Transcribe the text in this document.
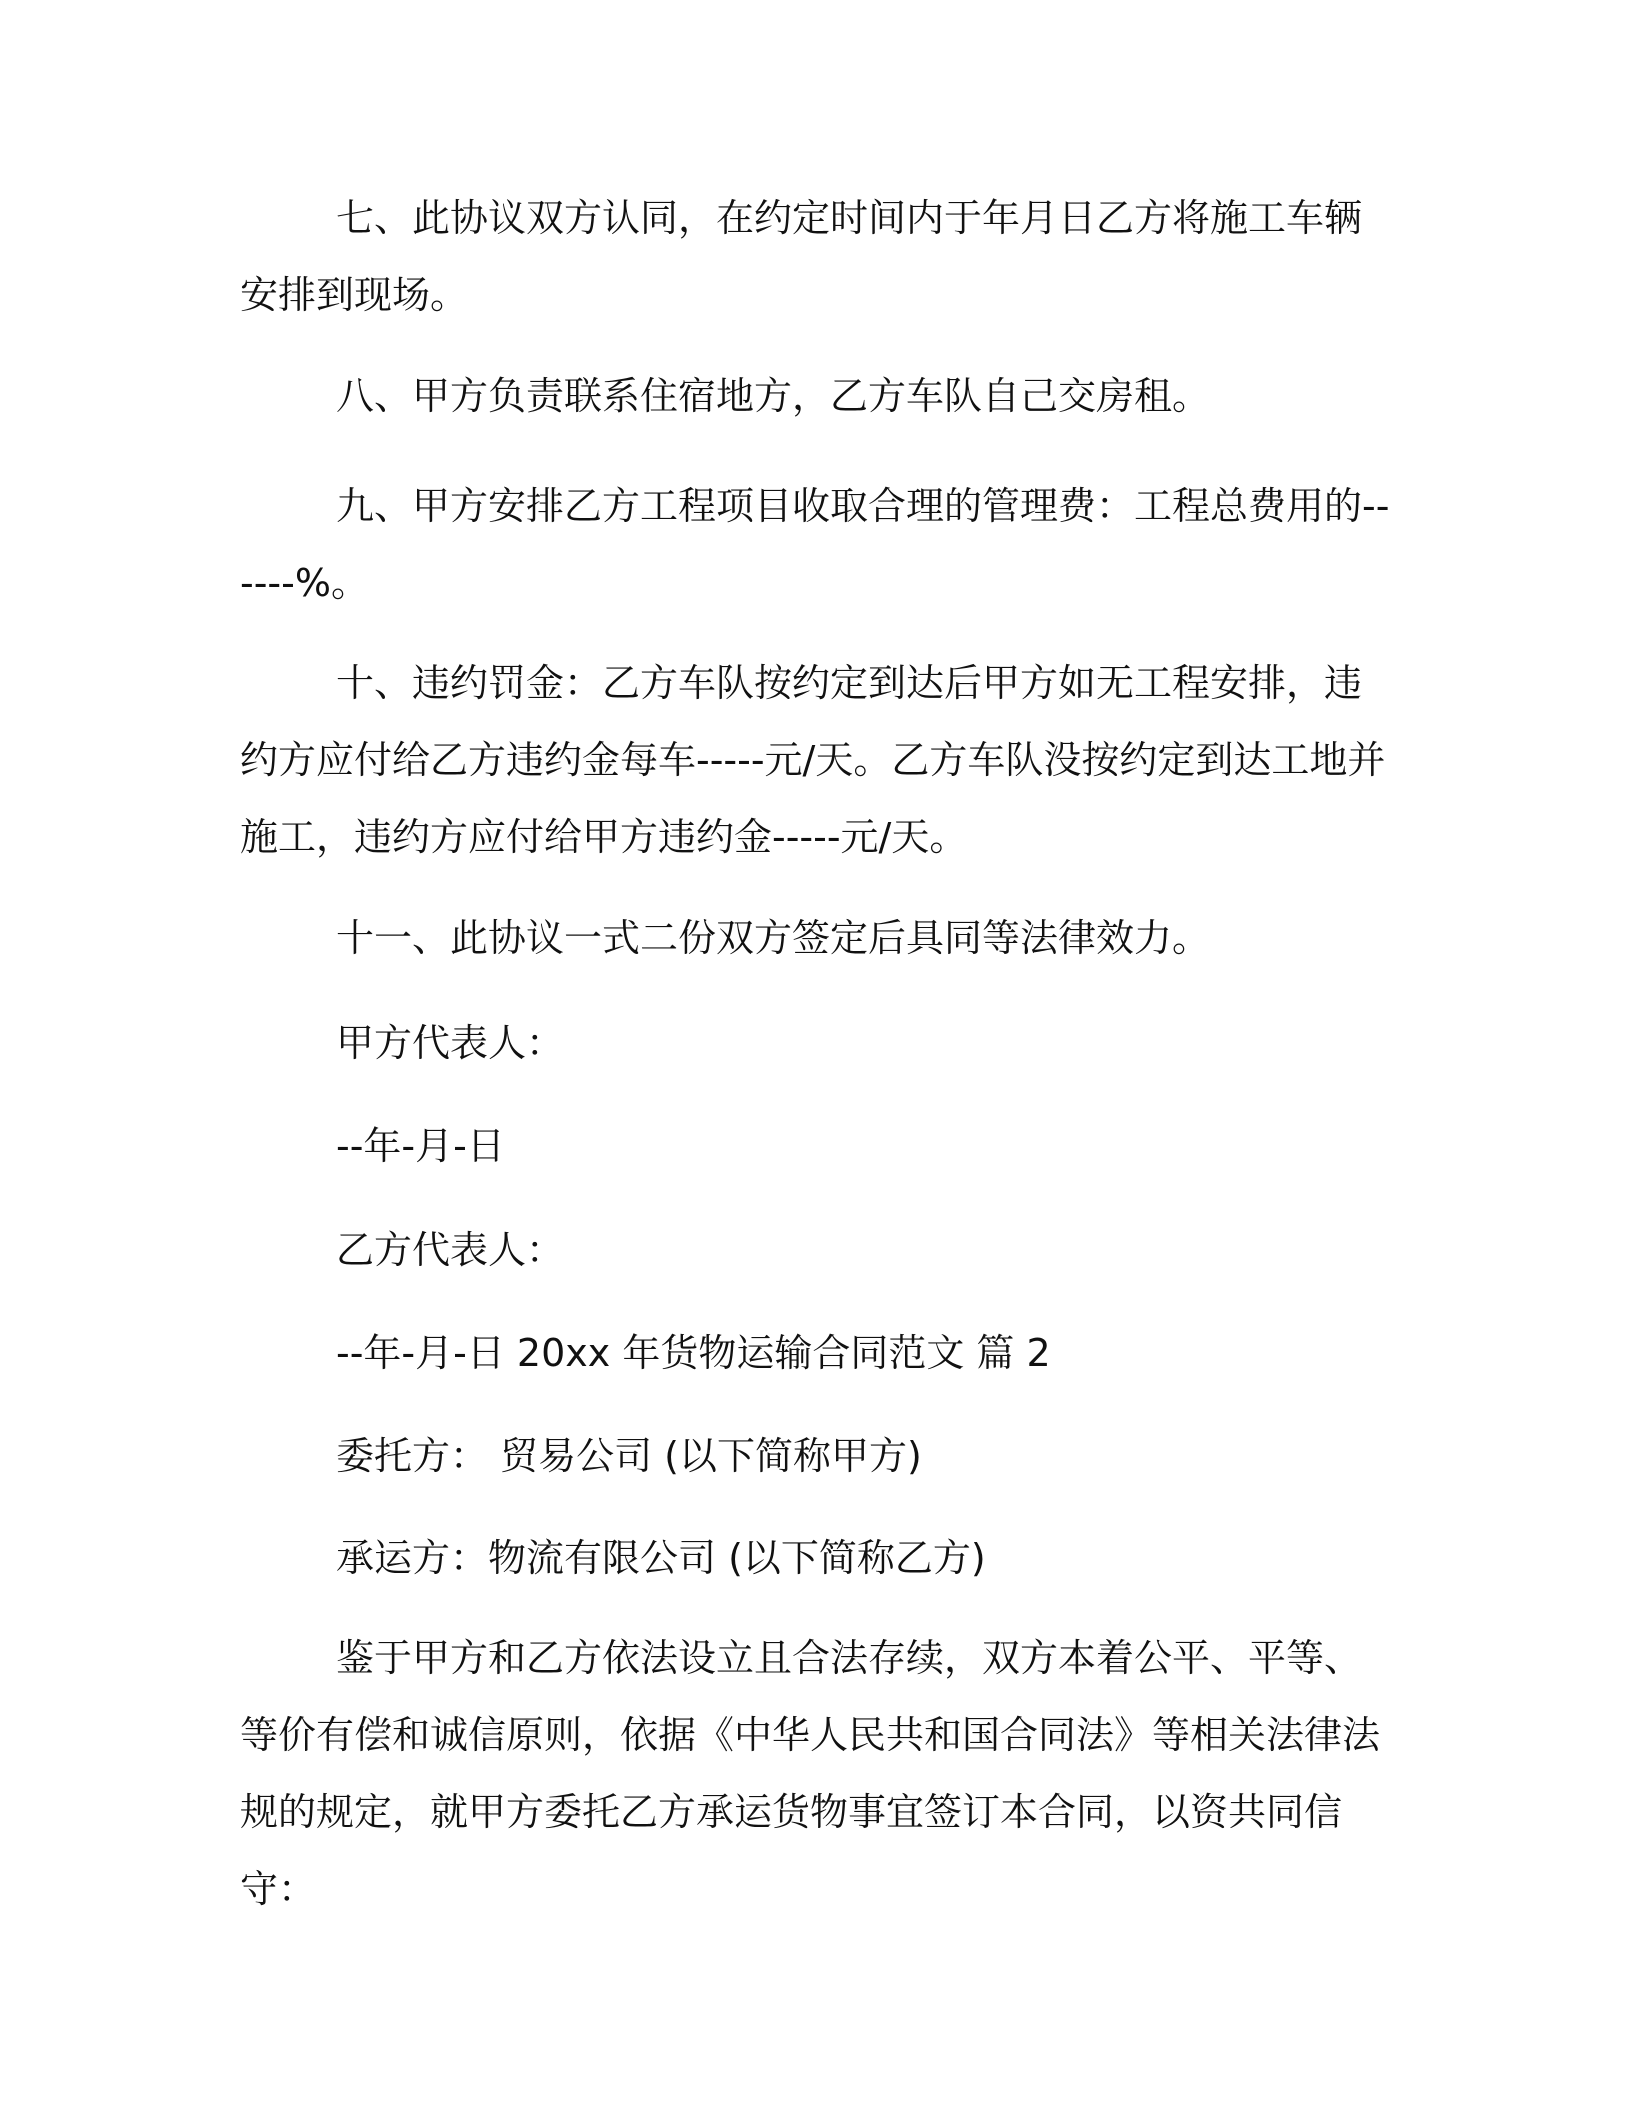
七、此协议双方认同，在约定时间内于年月日乙方将施工车辆安排到现场。

八、甲方负责联系住宿地方，乙方车队自己交房租。

九、甲方安排乙方工程项目收取合理的管理费：工程总费用的------%。

十、违约罚金：乙方车队按约定到达后甲方如无工程安排，违约方应付给乙方违约金每车-----元/天。乙方车队没按约定到达工地并施工，违约方应付给甲方违约金-----元/天。

十一、此协议一式二份双方签定后具同等法律效力。

甲方代表人：

--年-月-日

乙方代表人：

--年-月-日 20xx 年货物运输合同范文 篇 2

委托方： 贸易公司 (以下简称甲方)

承运方：物流有限公司 (以下简称乙方)

鉴于甲方和乙方依法设立且合法存续，双方本着公平、平等、等价有偿和诚信原则，依据《中华人民共和国合同法》等相关法律法规的规定，就甲方委托乙方承运货物事宜签订本合同，以资共同信守：
